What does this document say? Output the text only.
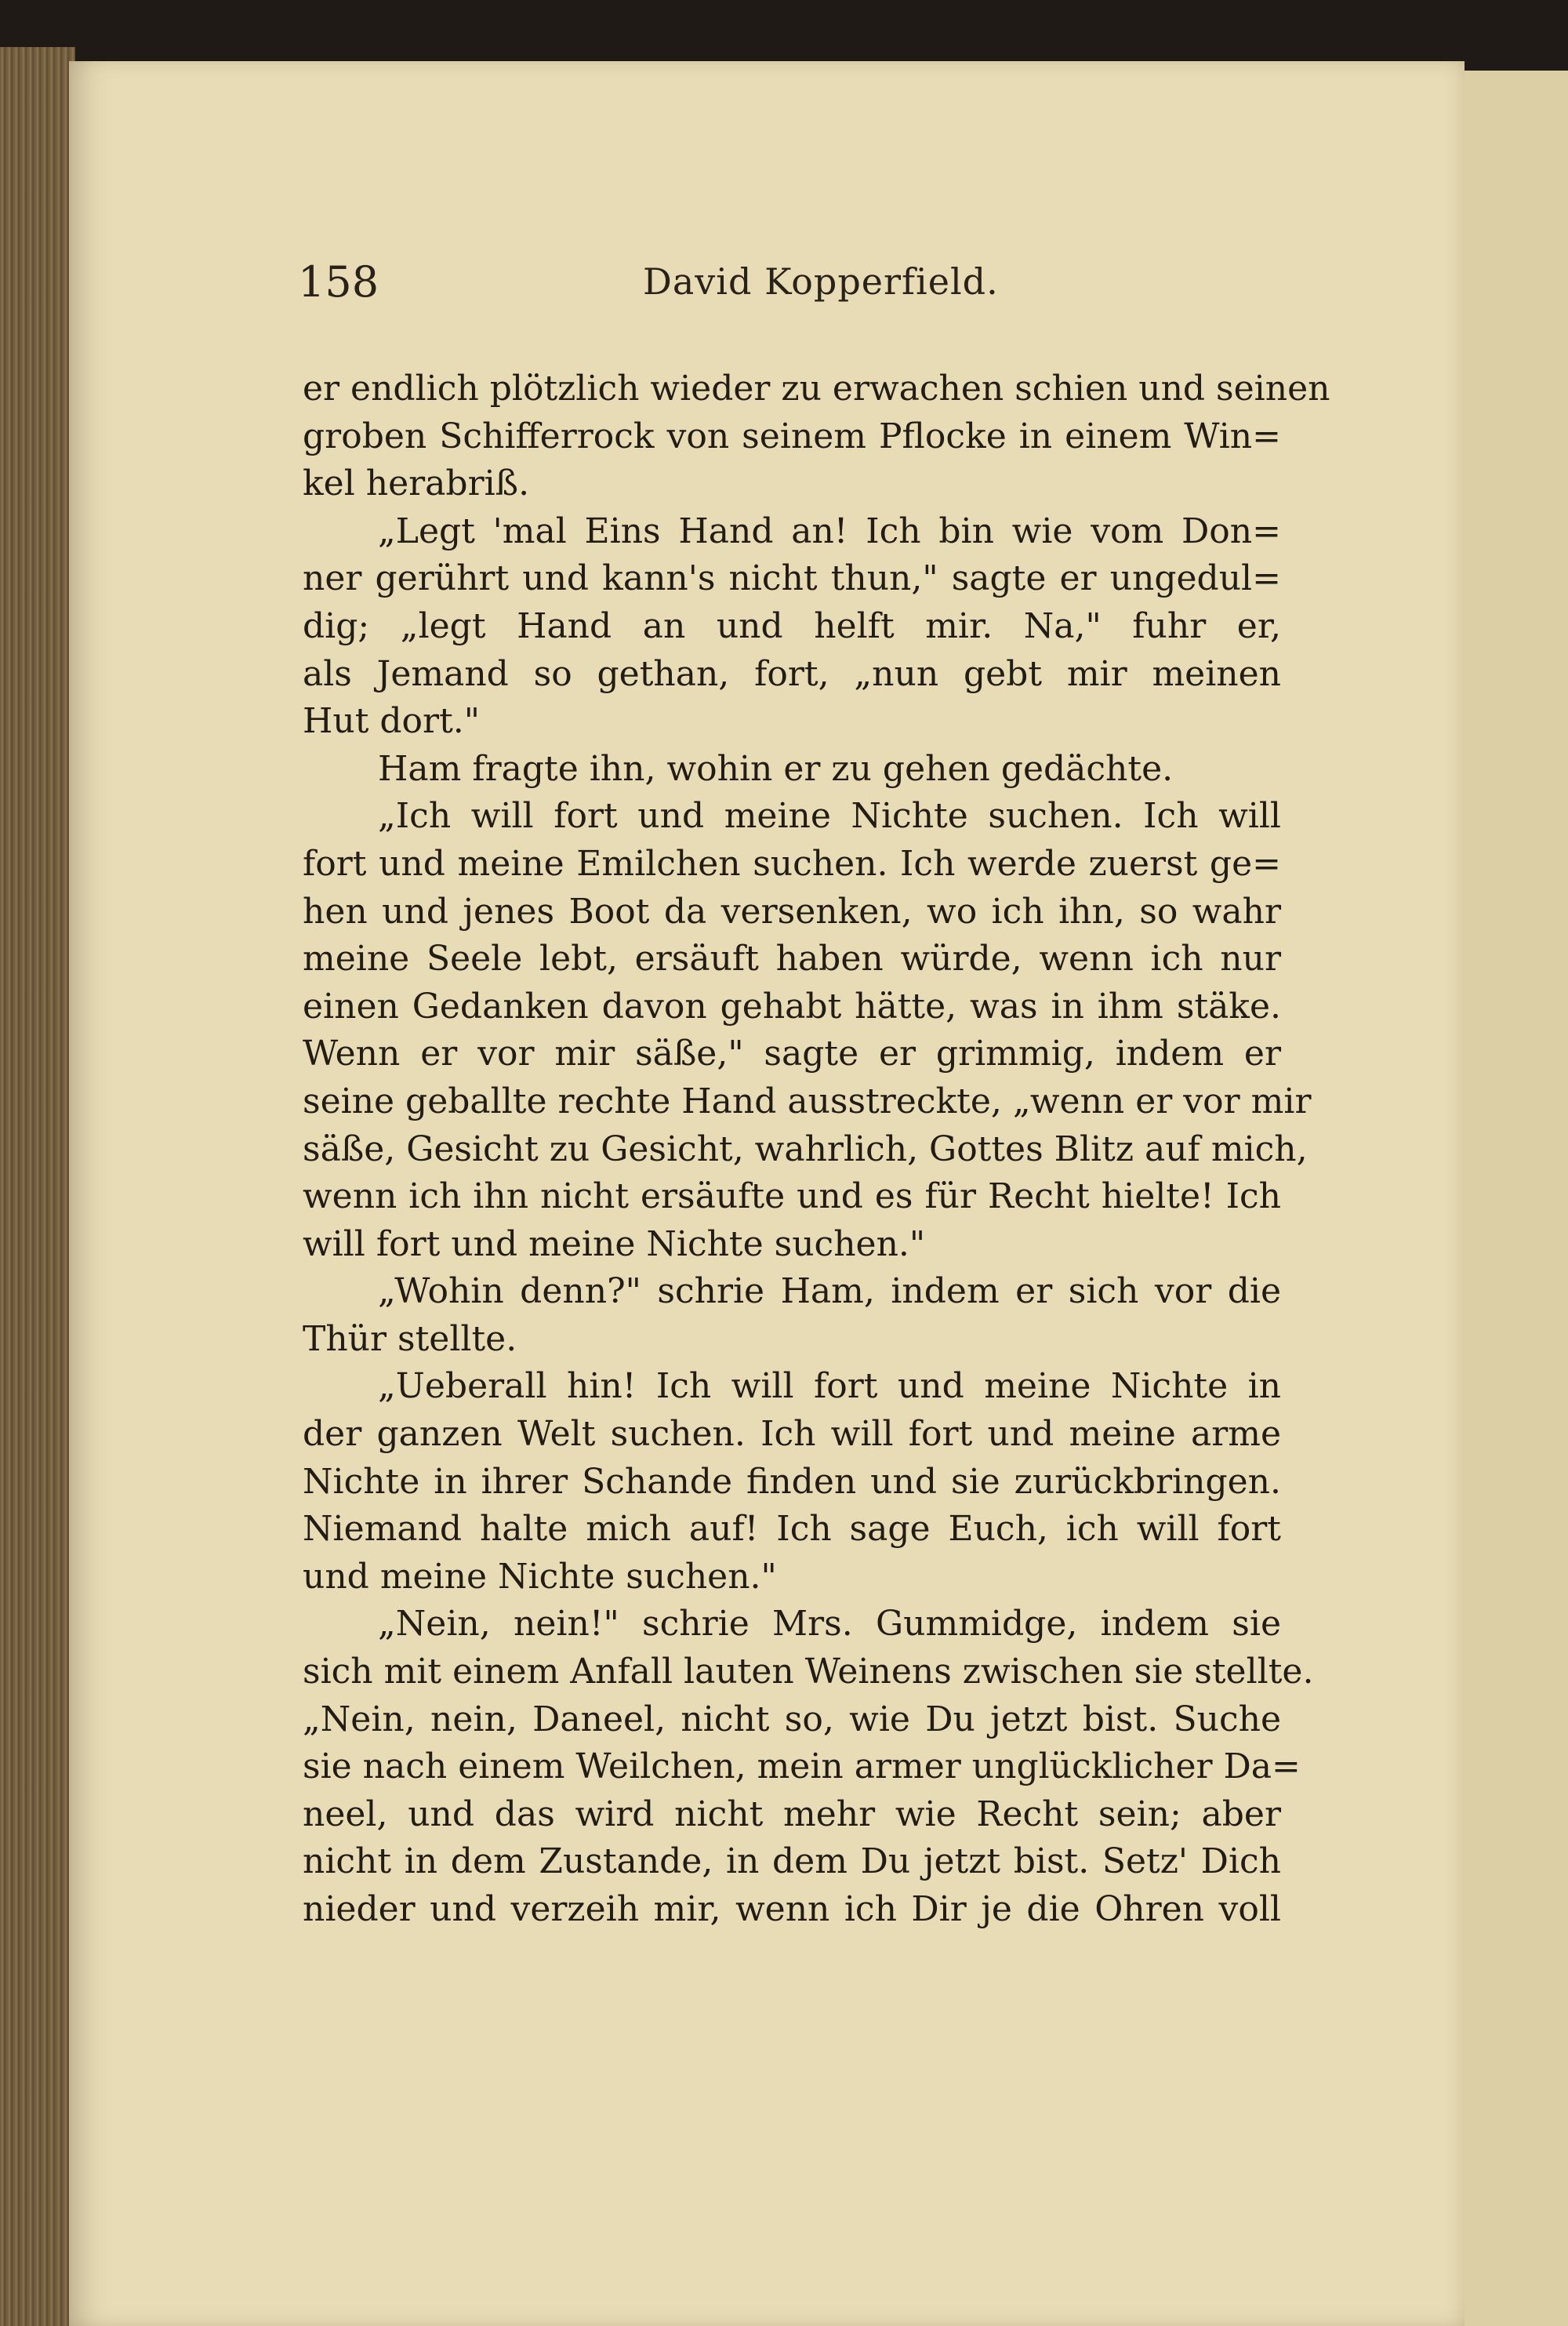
158	David Kopperfield.
er endlich plötzlich wieder zu erwachen schien und seinen
groben Schifferrock von seinem Pflocke in einem Win=
kel herabriß.
„Legt 'mal Eins Hand an! Ich bin wie vom Don=
ner gerührt und kann's nicht thun," sagte er ungedul=
dig; „legt Hand an und helft mir. Na," fuhr er,
als Jemand so gethan, fort, „nun gebt mir meinen
Hut dort."
Ham fragte ihn, wohin er zu gehen gedächte.
„Ich will fort und meine Nichte suchen. Ich will
fort und meine Emilchen suchen. Ich werde zuerst ge=
hen und jenes Boot da versenken, wo ich ihn, so wahr
meine Seele lebt, ersäuft haben würde, wenn ich nur
einen Gedanken davon gehabt hätte, was in ihm stäke.
Wenn er vor mir säße," sagte er grimmig, indem er
seine geballte rechte Hand ausstreckte, „wenn er vor mir
säße, Gesicht zu Gesicht, wahrlich, Gottes Blitz auf mich,
wenn ich ihn nicht ersäufte und es für Recht hielte! Ich
will fort und meine Nichte suchen."
„Wohin denn?" schrie Ham, indem er sich vor die
Thür stellte.
„Ueberall hin! Ich will fort und meine Nichte in
der ganzen Welt suchen. Ich will fort und meine arme
Nichte in ihrer Schande finden und sie zurückbringen.
Niemand halte mich auf! Ich sage Euch, ich will fort
und meine Nichte suchen."
„Nein, nein!" schrie Mrs. Gummidge, indem sie
sich mit einem Anfall lauten Weinens zwischen sie stellte.
„Nein, nein, Daneel, nicht so, wie Du jetzt bist. Suche
sie nach einem Weilchen, mein armer unglücklicher Da=
neel, und das wird nicht mehr wie Recht sein; aber
nicht in dem Zustande, in dem Du jetzt bist. Setz' Dich
nieder und verzeih mir, wenn ich Dir je die Ohren voll
